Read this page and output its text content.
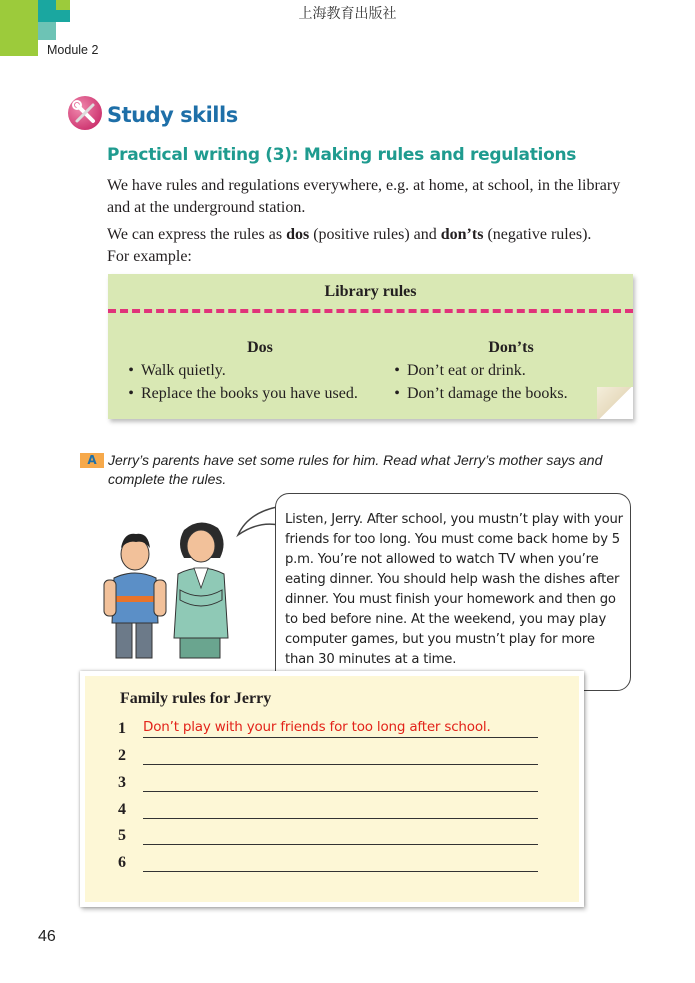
上海教育出版社
Module 2
Study skills
Practical writing (3): Making rules and regulations
We have rules and regulations everywhere, e.g. at home, at school, in the library and at the underground station.
We can express the rules as dos (positive rules) and don’ts (negative rules). For example:
Library rules
Dos
• Walk quietly.
• Replace the books you have used.
Don’ts
• Don’t eat or drink.
• Don’t damage the books.
A Jerry’s parents have set some rules for him. Read what Jerry’s mother says and complete the rules.
Listen, Jerry. After school, you mustn’t play with your friends for too long. You must come back home by 5 p.m. You’re not allowed to watch TV when you’re eating dinner. You should help wash the dishes after dinner. You must finish your homework and then go to bed before nine. At the weekend, you may play computer games, but you mustn’t play for more than 30 minutes at a time.
Family rules for Jerry
1 Don’t play with your friends for too long after school.
2
3
4
5
6
46
